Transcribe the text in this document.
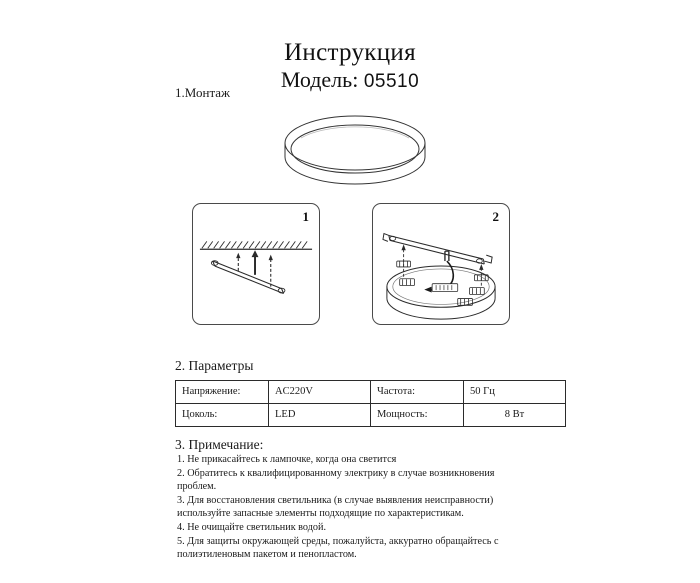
Инструкция
Модель: 05510
1.Монтаж
1	2
2. Параметры
Напряжение:	AC220V	Частота:	50 Гц
Цоколь:	LED	Мощность:	8 Вт
3. Примечание:

1. Не прикасайтесь к лампочке, когда она светится

2. Обратитесь к квалифицированному электрику в случае возникновения проблем.

3. Для восстановления светильника (в случае выявления неисправности) используйте запасные элементы подходящие по характеристикам.

4. Не очищайте светильник водой.

5. Для защиты окружающей среды, пожалуйста, аккуратно обращайтесь с полиэтиленовым пакетом и пенопластом.
